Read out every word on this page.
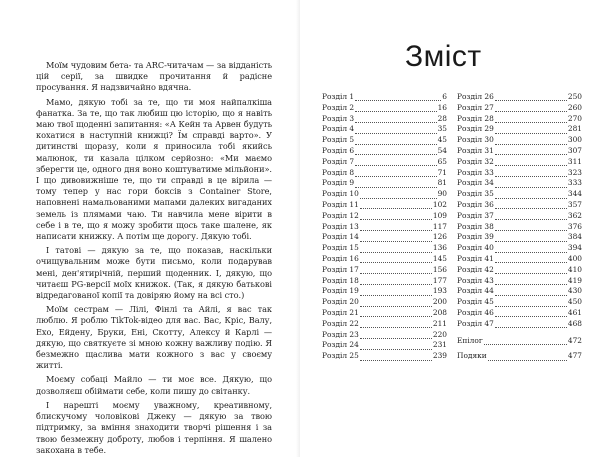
Моїм чудовим бета- та ARC-читачам — за відданість цій серії, за швидке прочитання й радісне просування. Я надзвичайно вдячна.

Мамо, дякую тобі за те, що ти моя найпалкіша фанатка. За те, що так любиш цю історію, що я навіть маю твої щоденні запитання: «А Кейн та Арвен будуть кохатися в наступній книжці? Їм справді варто». У дитинстві щоразу, коли я приносила тобі якийсь малюнок, ти казала цілком серйозно: «Ми маємо зберегти це, одного дня воно коштуватиме мільйони». І що дивовижніше те, що ти справді в це вірила — тому тепер у нас гори боксів з Container Store, наповнені намальованими мапами далеких вигаданих земель із плямами чаю. Ти навчила мене вірити в себе і в те, що я можу зробити щось таке шалене, як написати книжку. А потім ще дорогу. Дякую тобі.

І татові — дякую за те, що показав, наскільки очищувальним може бути письмо, коли подарував мені, ден'ятирічній, перший щоденник. І, дякую, що читаєш PG-версії моїх книжок. (Так, я дякую батькові відредагованої копії та довіряю йому на всі сто.)

Моїм сестрам — Лілі, Фінлі та Айлі, я вас так люблю. Я роблю TikTok-відео для вас. Вас, Кріс, Валу, Ехо, Ейдену, Бруки, Ені, Скотту, Алексу й Карлі — дякую, що святкуєте зі мною кожну важливу подію. Я безмежно щаслива мати кожного з вас у своєму житті.

Моєму собаці Майло — ти моє все. Дякую, що дозволяєш обіймати себе, коли пишу до світанку.

І нарешті моєму уважному, креативному, блискучому чоловікові Джеку — дякую за твою підтримку, за вміння знаходити творчі рішення і за твою безмежну доброту, любов і терпіння. Я шалено закохана в тебе.

Зміст
Розділ 1	6
Розділ 2	16
Розділ 3	28
Розділ 4	35
Розділ 5	45
Розділ 6	54
Розділ 7	65
Розділ 8	71
Розділ 9	81
Розділ 10	90
Розділ 11	102
Розділ 12	109
Розділ 13	117
Розділ 14	126
Розділ 15	136
Розділ 16	145
Розділ 17	156
Розділ 18	177
Розділ 19	193
Розділ 20	200
Розділ 21	208
Розділ 22	211
Розділ 23	220
Розділ 24	231
Розділ 25	239
Розділ 26	250
Розділ 27	260
Розділ 28	270
Розділ 29	281
Розділ 30	300
Розділ 31	307
Розділ 32	311
Розділ 33	323
Розділ 34	333
Розділ 35	344
Розділ 36	357
Розділ 37	362
Розділ 38	376
Розділ 39	384
Розділ 40	394
Розділ 41	400
Розділ 42	410
Розділ 43	419
Розділ 44	430
Розділ 45	450
Розділ 46	461
Розділ 47	468
Епілог	472
Подяки	477
